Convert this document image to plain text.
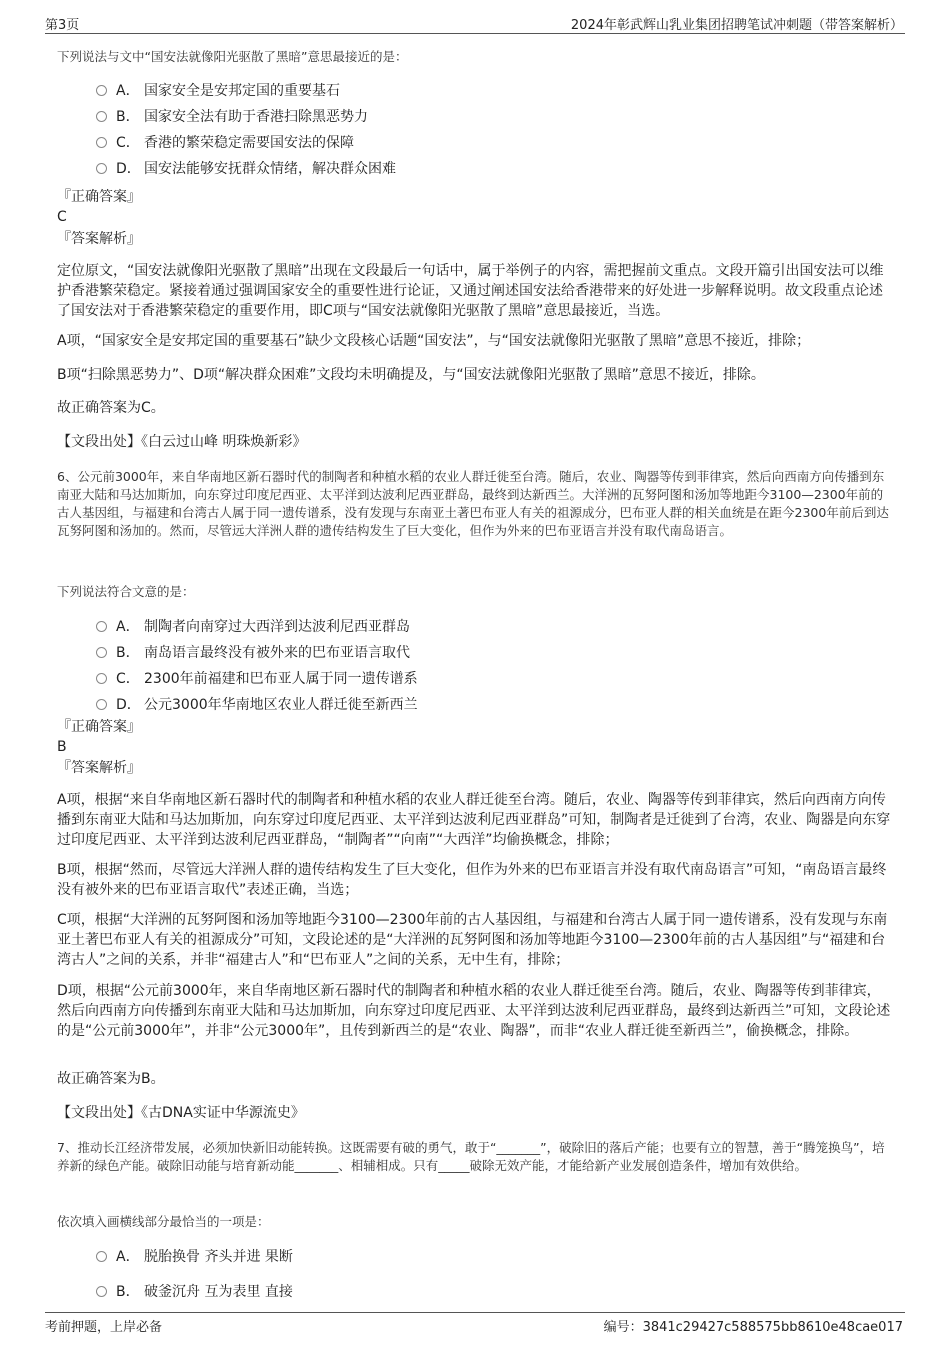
第3页	2024年彰武辉山乳业集团招聘笔试冲刺题（带答案解析）

下列说法与文中“国安法就像阳光驱散了黑暗”意思最接近的是：

A． 国家安全是安邦定国的重要基石
B． 国家安全法有助于香港扫除黑恶势力
C． 香港的繁荣稳定需要国安法的保障
D． 国安法能够安抚群众情绪，解决群众困难
『正确答案』
C
『答案解析』

定位原文，“国安法就像阳光驱散了黑暗”出现在文段最后一句话中，属于举例子的内容，需把握前文重点。文段开篇引出国安法可以维护香港繁荣稳定。紧接着通过强调国家安全的重要性进行论证，又通过阐述国安法给香港带来的好处进一步解释说明。故文段重点论述了国安法对于香港繁荣稳定的重要作用，即C项与“国安法就像阳光驱散了黑暗”意思最接近，当选。

A项，“国家安全是安邦定国的重要基石”缺少文段核心话题“国安法”，与“国安法就像阳光驱散了黑暗”意思不接近，排除；

B项“扫除黑恶势力”、D项“解决群众困难”文段均未明确提及，与“国安法就像阳光驱散了黑暗”意思不接近，排除。

故正确答案为C。

【文段出处】《白云过山峰 明珠焕新彩》

6、公元前3000年，来自华南地区新石器时代的制陶者和种植水稻的农业人群迁徙至台湾。随后，农业、陶器等传到菲律宾，然后向西南方向传播到东南亚大陆和马达加斯加，向东穿过印度尼西亚、太平洋到达波利尼西亚群岛，最终到达新西兰。大洋洲的瓦努阿图和汤加等地距今3100—2300年前的古人基因组，与福建和台湾古人属于同一遗传谱系，没有发现与东南亚土著巴布亚人有关的祖源成分，巴布亚人群的相关血统是在距今2300年前后到达瓦努阿图和汤加的。然而，尽管远大洋洲人群的遗传结构发生了巨大变化，但作为外来的巴布亚语言并没有取代南岛语言。

下列说法符合文意的是：

A． 制陶者向南穿过大西洋到达波利尼西亚群岛
B． 南岛语言最终没有被外来的巴布亚语言取代
C． 2300年前福建和巴布亚人属于同一遗传谱系
D． 公元3000年华南地区农业人群迁徙至新西兰
『正确答案』
B
『答案解析』

A项，根据“来自华南地区新石器时代的制陶者和种植水稻的农业人群迁徙至台湾。随后，农业、陶器等传到菲律宾，然后向西南方向传播到东南亚大陆和马达加斯加，向东穿过印度尼西亚、太平洋到达波利尼西亚群岛”可知，制陶者是迁徙到了台湾，农业、陶器是向东穿过印度尼西亚、太平洋到达波利尼西亚群岛，“制陶者”“向南”“大西洋”均偷换概念，排除；

B项，根据“然而，尽管远大洋洲人群的遗传结构发生了巨大变化，但作为外来的巴布亚语言并没有取代南岛语言”可知，“南岛语言最终没有被外来的巴布亚语言取代”表述正确，当选；

C项，根据“大洋洲的瓦努阿图和汤加等地距今3100—2300年前的古人基因组，与福建和台湾古人属于同一遗传谱系，没有发现与东南亚土著巴布亚人有关的祖源成分”可知，文段论述的是“大洋洲的瓦努阿图和汤加等地距今3100—2300年前的古人基因组”与“福建和台湾古人”之间的关系，并非“福建古人”和“巴布亚人”之间的关系，无中生有，排除；

D项，根据“公元前3000年，来自华南地区新石器时代的制陶者和种植水稻的农业人群迁徙至台湾。随后，农业、陶器等传到菲律宾，然后向西南方向传播到东南亚大陆和马达加斯加，向东穿过印度尼西亚、太平洋到达波利尼西亚群岛，最终到达新西兰”可知，文段论述的是“公元前3000年”，并非“公元3000年”，且传到新西兰的是“农业、陶器”，而非“农业人群迁徙至新西兰”，偷换概念，排除。

故正确答案为B。

【文段出处】《古DNA实证中华源流史》

7、推动长江经济带发展，必须加快新旧动能转换。这既需要有破的勇气，敢于“_______”，破除旧的落后产能；也要有立的智慧，善于“腾笼换鸟”，培养新的绿色产能。破除旧动能与培育新动能_______、相辅相成。只有_____破除无效产能，才能给新产业发展创造条件，增加有效供给。

依次填入画横线部分最恰当的一项是：

A． 脱胎换骨 齐头并进 果断
B． 破釜沉舟 互为表里 直接
考前押题，上岸必备	编号：3841c29427c588575bb8610e48cae017
